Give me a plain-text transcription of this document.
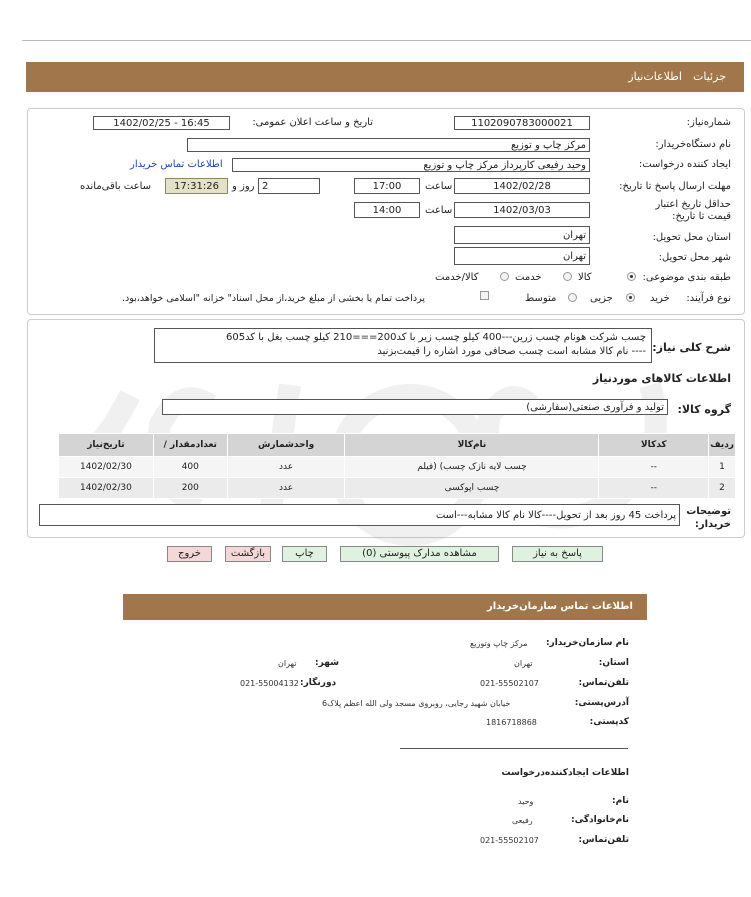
جزئیات
اطلاعات‌نیاز
شماره‌نیاز:
1102090783000021
تاریخ و ساعت اعلان عمومی:
1402/02/25 - 16:45
نام دستگاه‌خریدار:
مرکز چاپ و توزیع
ایجاد کننده درخواست:
وحید رفیعی کارپرداز مرکز چاپ و توزیع
اطلاعات تماس خریدار
مهلت ارسال پاسخ تا تاریخ:
1402/02/28
ساعت
17:00
2
روز و
17:31:26
ساعت باقی‌مانده
حداقل تاریخ اعتبار قیمت تا تاریخ:
1402/03/03
ساعت
14:00
استان محل تحویل:
تهران
شهر محل تحویل:
تهران
طبقه بندی موضوعی:
کالا
خدمت
کالا/خدمت
نوع فرآیند:
خرید
جزیی
متوسط
پرداخت تمام یا بخشی از مبلغ خرید،از محل اسناد" خزانه "اسلامی خواهد،بود.
شرح کلی نیاز:
چسب شرکت هونام چسب زرین---400 کیلو چسب زیر با کد200===210 کیلو چسب بغل با کد605
---- نام کالا مشابه است چسب صحافی مورد اشاره را قیمت‌بزنید
اطلاعات کالاهای موردنیاز
گروه کالا:
تولید و فرآوری صنعتی(سفارشی)
ردیف	کدکالا	نام‌کالا	واحدشمارش	تعدادمقدار /	تاریخ‌نیاز
1	--	چسب لایه نازک چسب) (فیلم	عدد	400	1402/02/30
2	--	چسب اپوکسی	عدد	200	1402/02/30
توضیحات خریدار:
پرداخت 45 روز بعد از تحویل----کالا نام کالا مشابه---است
پاسخ به نیاز
مشاهده مدارک پیوستی (0)
چاپ
بازگشت
خروج
اطلاعات تماس سازمان‌خریدار
نام سازمان‌خریدار:
مرکز چاپ وتوزیع
استان:
تهران
شهر:
تهران
تلفن‌تماس:
021-55502107
دورنگار:
021-55004132
آدرس‌پستی:
خیابان شهید رجایی، روبروی مسجد ولی الله اعظم پلاک6
کدپستی:
1816718868
اطلاعات ایجادکننده‌درخواست
نام:
وحید
نام‌خانوادگی:
رفیعی
تلفن‌تماس:
021-55502107
